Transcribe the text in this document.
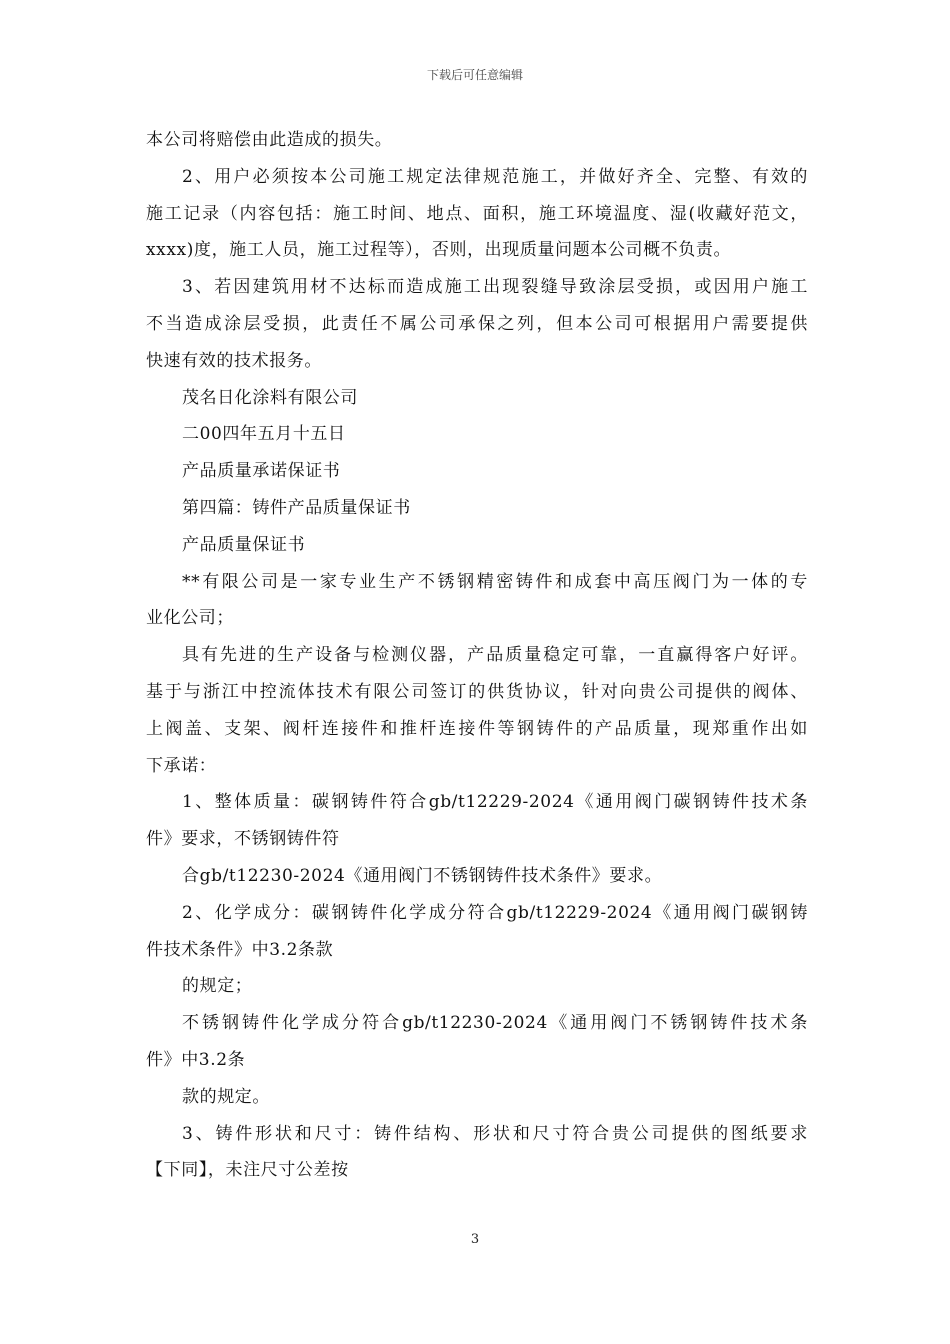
下载后可任意编辑
本公司将赔偿由此造成的损失。
2、用户必须按本公司施工规定法律规范施工，并做好齐全、完整、有效的
施工记录（内容包括：施工时间、地点、面积，施工环境温度、湿(收藏好范文，
xxxx)度，施工人员，施工过程等），否则，出现质量问题本公司概不负责。
3、若因建筑用材不达标而造成施工出现裂缝导致涂层受损，或因用户施工
不当造成涂层受损，此责任不属公司承保之列，但本公司可根据用户需要提供
快速有效的技术报务。
茂名日化涂料有限公司
二00四年五月十五日
产品质量承诺保证书
第四篇：铸件产品质量保证书
产品质量保证书
**有限公司是一家专业生产不锈钢精密铸件和成套中高压阀门为一体的专
业化公司；
具有先进的生产设备与检测仪器，产品质量稳定可靠，一直赢得客户好评。
基于与浙江中控流体技术有限公司签订的供货协议，针对向贵公司提供的阀体、
上阀盖、支架、阀杆连接件和推杆连接件等钢铸件的产品质量，现郑重作出如
下承诺：
1、整体质量：碳钢铸件符合gb/t12229-2024《通用阀门碳钢铸件技术条
件》要求，不锈钢铸件符
合gb/t12230-2024《通用阀门不锈钢铸件技术条件》要求。
2、化学成分：碳钢铸件化学成分符合gb/t12229-2024《通用阀门碳钢铸
件技术条件》中3.2条款
的规定；
不锈钢铸件化学成分符合gb/t12230-2024《通用阀门不锈钢铸件技术条
件》中3.2条
款的规定。
3、铸件形状和尺寸：铸件结构、形状和尺寸符合贵公司提供的图纸要求
【下同】，未注尺寸公差按
3
